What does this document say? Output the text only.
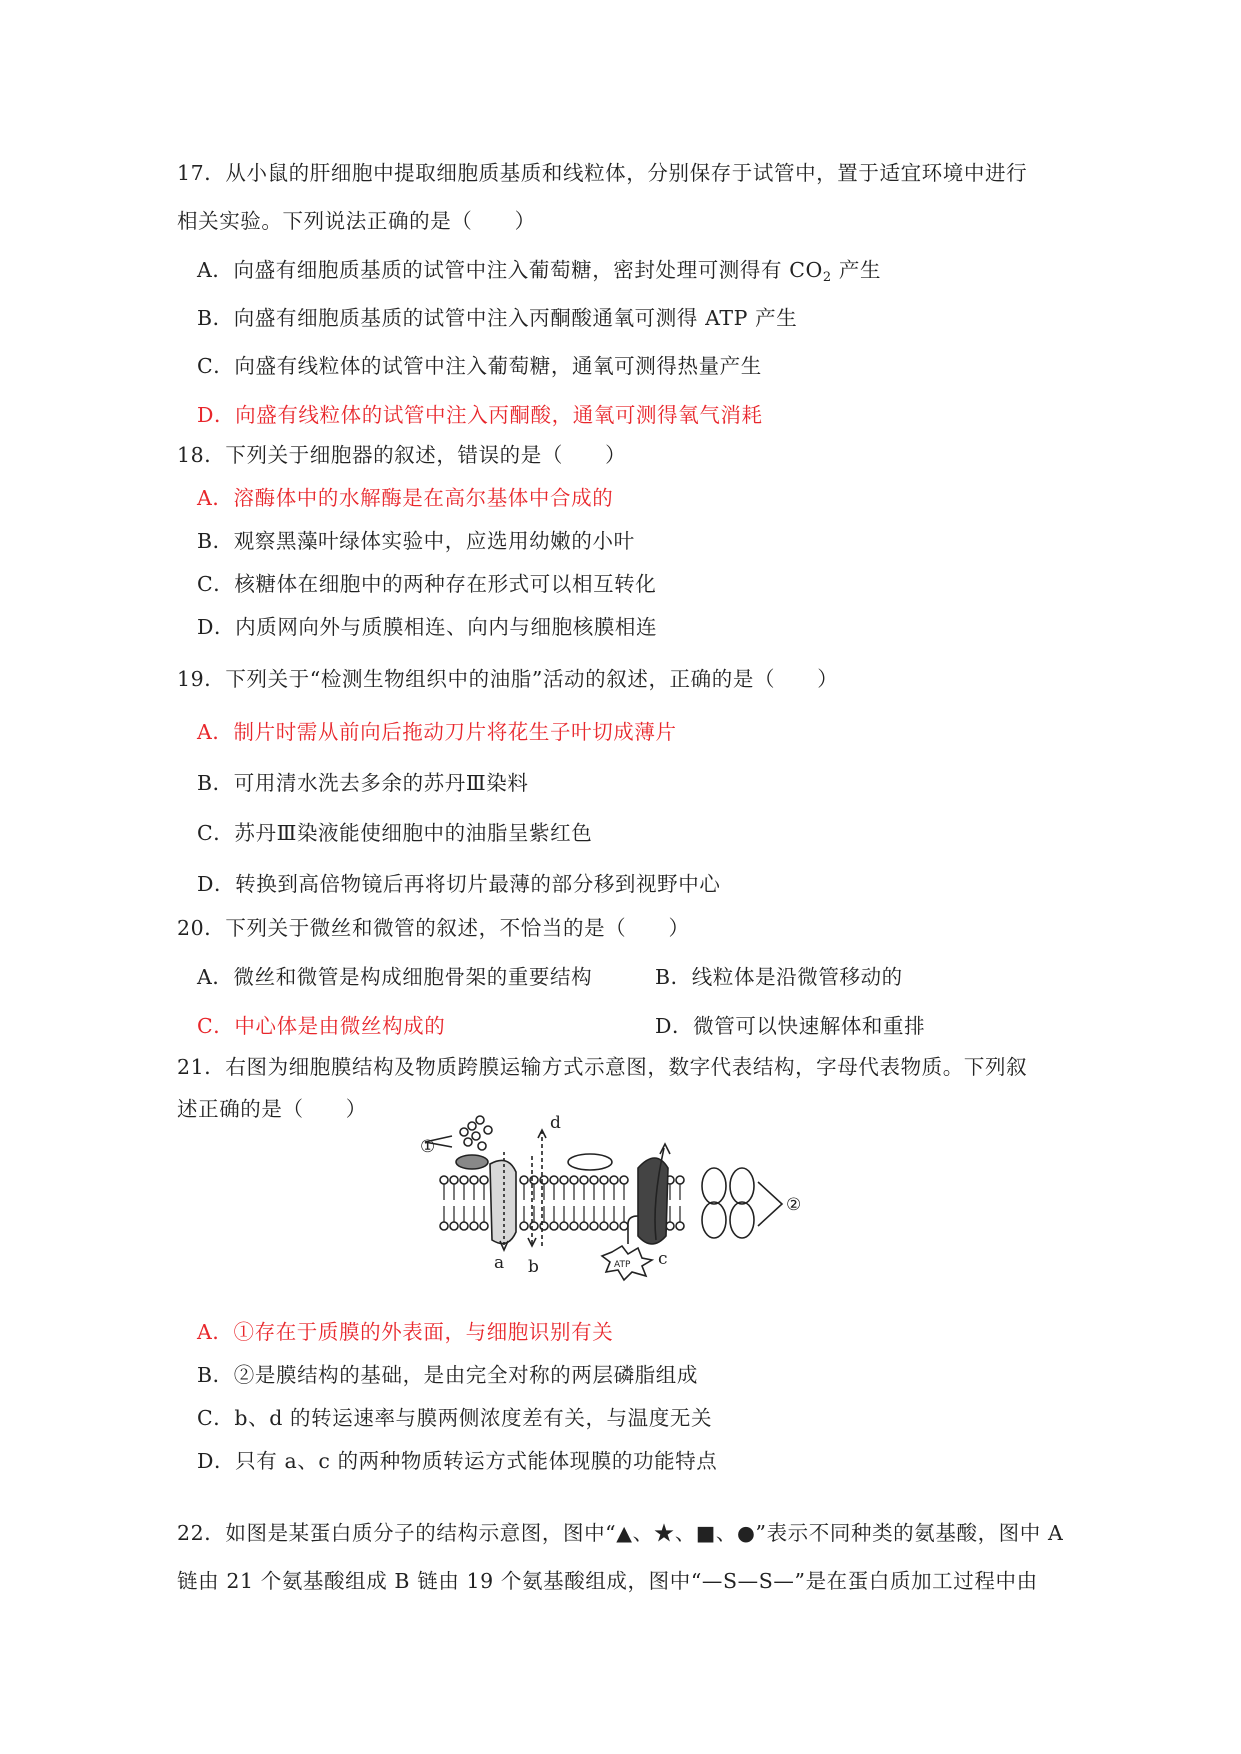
17．从小鼠的肝细胞中提取细胞质基质和线粒体，分别保存于试管中，置于适宜环境中进行
相关实验。下列说法正确的是（　　）
A．向盛有细胞质基质的试管中注入葡萄糖，密封处理可测得有 $CO_2$ 产生
B．向盛有细胞质基质的试管中注入丙酮酸通氧可测得 ATP 产生
C．向盛有线粒体的试管中注入葡萄糖，通氧可测得热量产生
D．向盛有线粒体的试管中注入丙酮酸，通氧可测得氧气消耗
18．下列关于细胞器的叙述，错误的是（　　）
A．溶酶体中的水解酶是在高尔基体中合成的
B．观察黑藻叶绿体实验中，应选用幼嫩的小叶
C．核糖体在细胞中的两种存在形式可以相互转化
D．内质网向外与质膜相连、向内与细胞核膜相连
19．下列关于“检测生物组织中的油脂”活动的叙述，正确的是（　　）
A．制片时需从前向后拖动刀片将花生子叶切成薄片
B．可用清水洗去多余的苏丹Ⅲ染料
C．苏丹Ⅲ染液能使细胞中的油脂呈紫红色
D．转换到高倍物镜后再将切片最薄的部分移到视野中心
20．下列关于微丝和微管的叙述，不恰当的是（　　）
A．微丝和微管是构成细胞骨架的重要结构	B．线粒体是沿微管移动的
C．中心体是由微丝构成的	D．微管可以快速解体和重排
21．右图为细胞膜结构及物质跨膜运输方式示意图，数字代表结构，字母代表物质。下列叙
述正确的是（　　）
①
②
a b	c
d
ATP
A．①存在于质膜的外表面，与细胞识别有关
B．②是膜结构的基础，是由完全对称的两层磷脂组成
C．b、d 的转运速率与膜两侧浓度差有关，与温度无关
D．只有 a、c 的两种物质转运方式能体现膜的功能特点
22．如图是某蛋白质分子的结构示意图，图中“▲、★、■、●”表示不同种类的氨基酸，图中 A
链由 21 个氨基酸组成 B 链由 19 个氨基酸组成，图中“—S—S—”是在蛋白质加工过程中由
